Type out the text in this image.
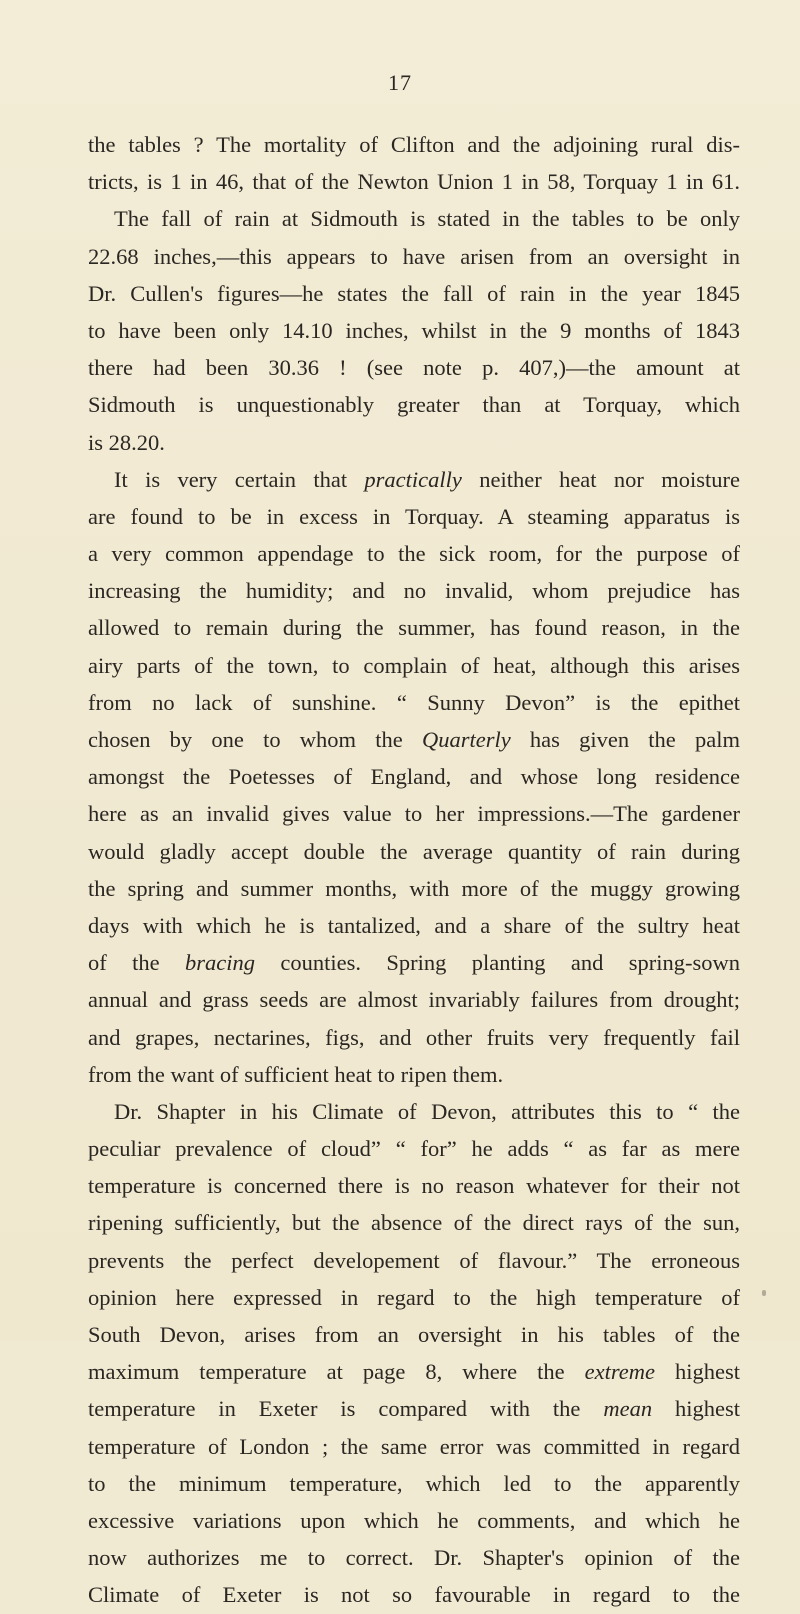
17
the tables ? The mortality of Clifton and the adjoining rural dis-
tricts, is 1 in 46, that of the Newton Union 1 in 58, Torquay 1 in 61.
The fall of rain at Sidmouth is stated in the tables to be only
22.68 inches,—this appears to have arisen from an oversight in
Dr. Cullen's figures—he states the fall of rain in the year 1845
to have been only 14.10 inches, whilst in the 9 months of 1843
there had been 30.36 ! (see note p. 407,)—the amount at
Sidmouth is unquestionably greater than at Torquay, which
is 28.20.
It is very certain that practically neither heat nor moisture
are found to be in excess in Torquay. A steaming apparatus is
a very common appendage to the sick room, for the purpose of
increasing the humidity; and no invalid, whom prejudice has
allowed to remain during the summer, has found reason, in the
airy parts of the town, to complain of heat, although this arises
from no lack of sunshine. “ Sunny Devon” is the epithet
chosen by one to whom the Quarterly has given the palm
amongst the Poetesses of England, and whose long residence
here as an invalid gives value to her impressions.—The gardener
would gladly accept double the average quantity of rain during
the spring and summer months, with more of the muggy growing
days with which he is tantalized, and a share of the sultry heat
of the bracing counties. Spring planting and spring-sown
annual and grass seeds are almost invariably failures from drought;
and grapes, nectarines, figs, and other fruits very frequently fail
from the want of sufficient heat to ripen them.
Dr. Shapter in his Climate of Devon, attributes this to “ the
peculiar prevalence of cloud” “ for” he adds “ as far as mere
temperature is concerned there is no reason whatever for their not
ripening sufficiently, but the absence of the direct rays of the sun,
prevents the perfect developement of flavour.” The erroneous
opinion here expressed in regard to the high temperature of
South Devon, arises from an oversight in his tables of the
maximum temperature at page 8, where the extreme highest
temperature in Exeter is compared with the mean highest
temperature of London ; the same error was committed in regard
to the minimum temperature, which led to the apparently
excessive variations upon which he comments, and which he
now authorizes me to correct. Dr. Shapter's opinion of the
Climate of Exeter is not so favourable in regard to the
